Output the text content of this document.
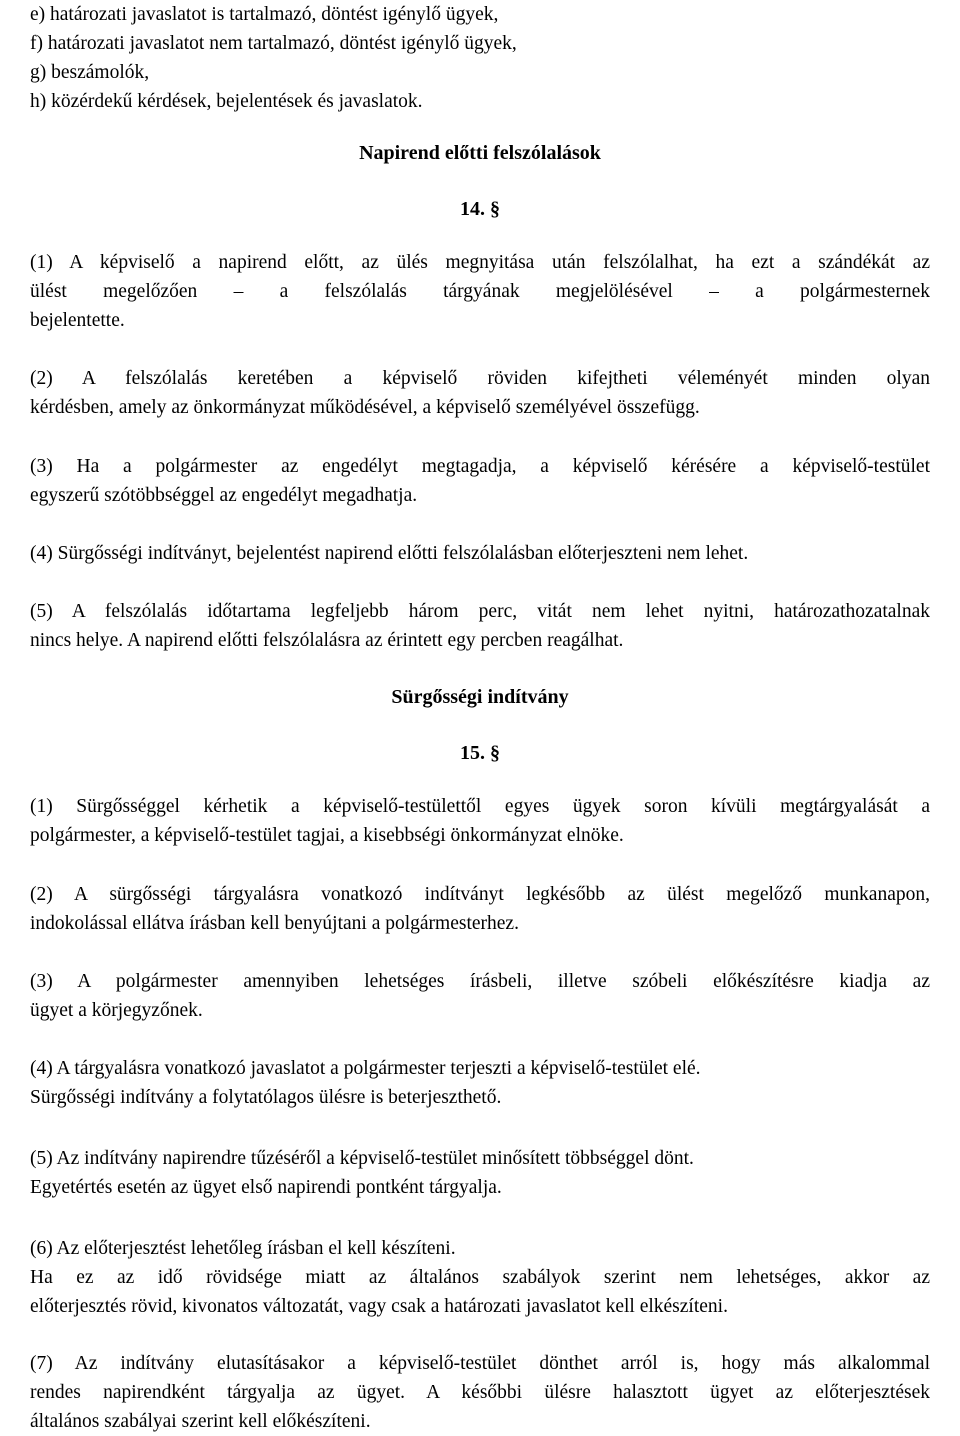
e) határozati javaslatot is tartalmazó, döntést igénylő ügyek,
f) határozati javaslatot nem tartalmazó, döntést igénylő ügyek,
g) beszámolók,
h) közérdekű kérdések, bejelentések és javaslatok.
Napirend előtti felszólalások
14. §
(1) A képviselő a napirend előtt, az ülés megnyitása után felszólalhat, ha ezt a szándékát az
ülést megelőzően – a felszólalás tárgyának megjelölésével – a polgármesternek
bejelentette.
(2) A felszólalás keretében a képviselő röviden kifejtheti véleményét minden olyan
kérdésben, amely az önkormányzat működésével, a képviselő személyével összefügg.
(3) Ha a polgármester az engedélyt megtagadja, a képviselő kérésére a képviselő-testület
egyszerű szótöbbséggel az engedélyt megadhatja.
(4) Sürgősségi indítványt, bejelentést napirend előtti felszólalásban előterjeszteni nem lehet.
(5) A felszólalás időtartama legfeljebb három perc, vitát nem lehet nyitni, határozathozatalnak
nincs helye. A napirend előtti felszólalásra az érintett egy percben reagálhat.
Sürgősségi indítvány
15. §
(1) Sürgősséggel kérhetik a képviselő-testülettől egyes ügyek soron kívüli megtárgyalását a
polgármester, a képviselő-testület tagjai, a kisebbségi önkormányzat elnöke.
(2) A sürgősségi tárgyalásra vonatkozó indítványt legkésőbb az ülést megelőző munkanapon,
indokolással ellátva írásban kell benyújtani a polgármesterhez.
(3) A polgármester amennyiben lehetséges írásbeli, illetve szóbeli előkészítésre kiadja az
ügyet a körjegyzőnek.
(4) A tárgyalásra vonatkozó javaslatot a polgármester terjeszti a képviselő-testület elé.
Sürgősségi indítvány a folytatólagos ülésre is beterjeszthető.
(5) Az indítvány napirendre tűzéséről a képviselő-testület minősített többséggel dönt.
Egyetértés esetén az ügyet első napirendi pontként tárgyalja.
(6) Az előterjesztést lehetőleg írásban el kell készíteni.
Ha ez az idő rövidsége miatt az általános szabályok szerint nem lehetséges, akkor az
előterjesztés rövid, kivonatos változatát, vagy csak a határozati javaslatot kell elkészíteni.
(7) Az indítvány elutasításakor a képviselő-testület dönthet arról is, hogy más alkalommal
rendes napirendként tárgyalja az ügyet. A későbbi ülésre halasztott ügyet az előterjesztések
általános szabályai szerint kell előkészíteni.
